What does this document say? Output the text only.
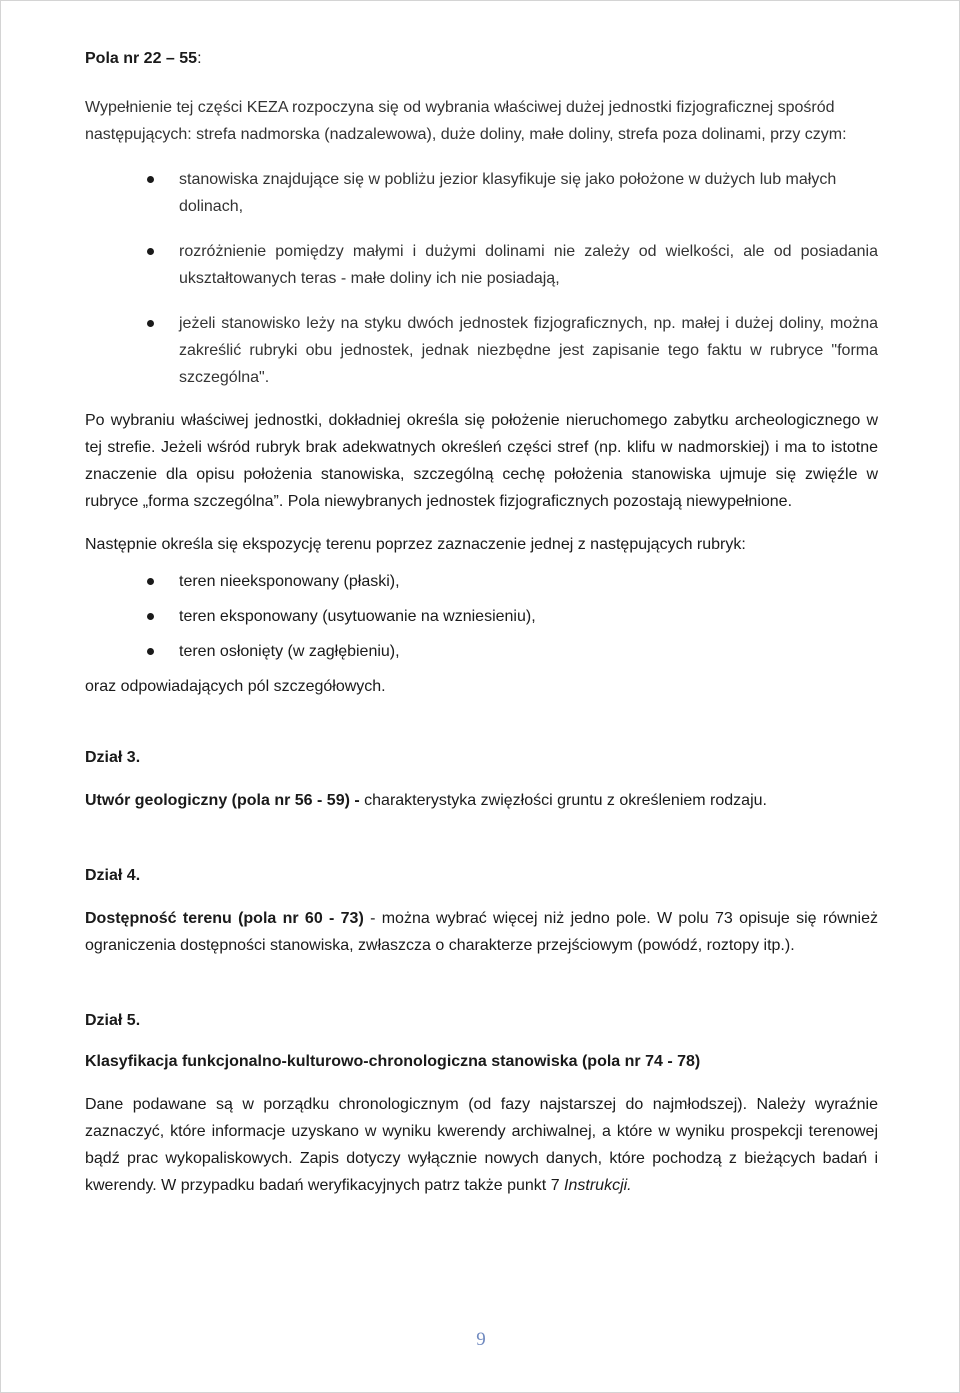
Pola nr 22 – 55:

Wypełnienie tej części KEZA rozpoczyna się od wybrania właściwej dużej jednostki fizjograficznej spośród następujących: strefa nadmorska (nadzalewowa), duże doliny, małe doliny, strefa poza dolinami, przy czym:

stanowiska znajdujące się w pobliżu jezior klasyfikuje się jako położone w dużych lub małych dolinach,
rozróżnienie pomiędzy małymi i dużymi dolinami nie zależy od wielkości, ale od posiadania ukształtowanych teras - małe doliny ich nie posiadają,
jeżeli stanowisko leży na styku dwóch jednostek fizjograficznych, np. małej i dużej doliny, można zakreślić rubryki obu jednostek, jednak niezbędne jest zapisanie tego faktu w rubryce "forma szczególna".

Po wybraniu właściwej jednostki, dokładniej określa się położenie nieruchomego zabytku archeologicznego w tej strefie. Jeżeli wśród rubryk brak adekwatnych określeń części stref (np. klifu w nadmorskiej) i ma to istotne znaczenie dla opisu położenia stanowiska, szczególną cechę położenia stanowiska ujmuje się zwięźle w rubryce „forma szczególna”. Pola niewybranych jednostek fizjograficznych pozostają niewypełnione.

Następnie określa się ekspozycję terenu poprzez zaznaczenie jednej z następujących rubryk:

teren nieeksponowany (płaski),
teren eksponowany (usytuowanie na wzniesieniu),
teren osłonięty (w zagłębieniu),

oraz odpowiadających pól szczegółowych.

Dział 3.

Utwór geologiczny (pola nr 56 - 59) - charakterystyka zwięzłości gruntu z określeniem rodzaju.

Dział 4.

Dostępność terenu (pola nr 60 - 73) - można wybrać więcej niż jedno pole. W polu 73 opisuje się również ograniczenia dostępności stanowiska, zwłaszcza o charakterze przejściowym (powódź, roztopy itp.).

Dział 5.

Klasyfikacja funkcjonalno-kulturowo-chronologiczna stanowiska (pola nr 74 - 78)

Dane podawane są w porządku chronologicznym (od fazy najstarszej do najmłodszej). Należy wyraźnie zaznaczyć, które informacje uzyskano w wyniku kwerendy archiwalnej, a które w wyniku prospekcji terenowej bądź prac wykopaliskowych. Zapis dotyczy wyłącznie nowych danych, które pochodzą z bieżących badań i kwerendy. W przypadku badań weryfikacyjnych patrz także punkt 7 Instrukcji.

9
